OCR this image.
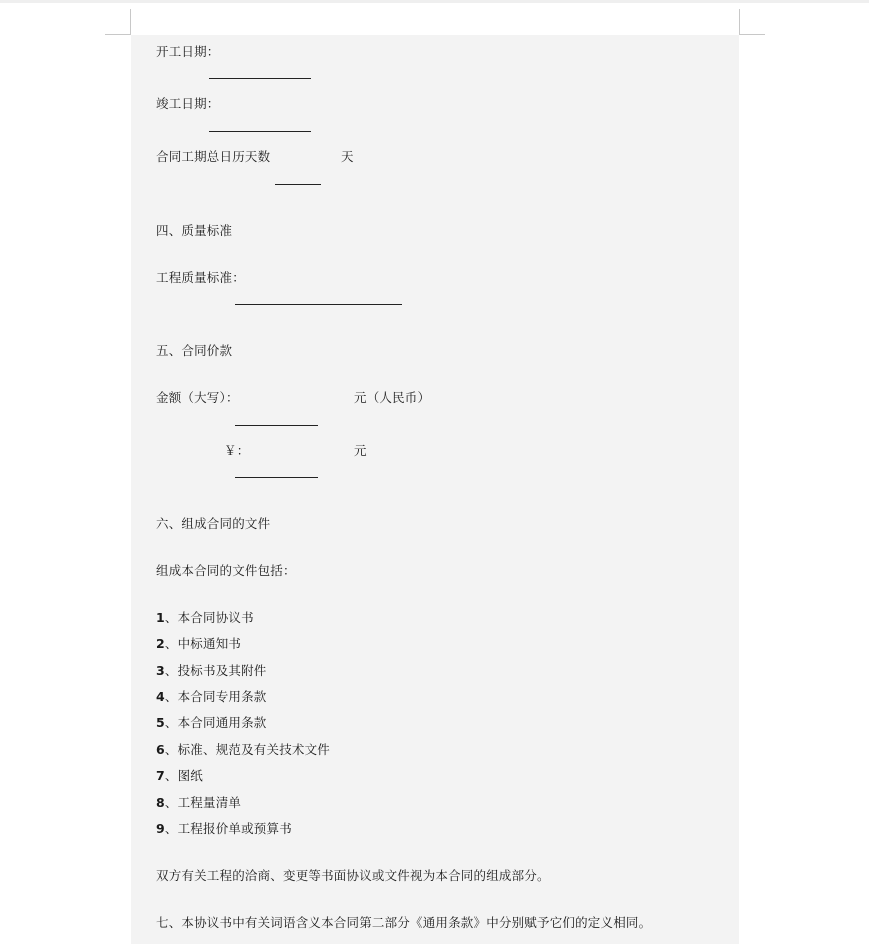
开工日期：
竣工日期：
合同工期总日历天数	天
四、质量标准
工程质量标准：
五、合同价款
金额（大写）：	元（人民币）
￥：	元
六、组成合同的文件
组成本合同的文件包括：
1、本合同协议书
2、中标通知书
3、投标书及其附件
4、本合同专用条款
5、本合同通用条款
6、标准、规范及有关技术文件
7、图纸
8、工程量清单
9、工程报价单或预算书
双方有关工程的洽商、变更等书面协议或文件视为本合同的组成部分。
七、本协议书中有关词语含义本合同第二部分《通用条款》中分别赋予它们的定义相同。
